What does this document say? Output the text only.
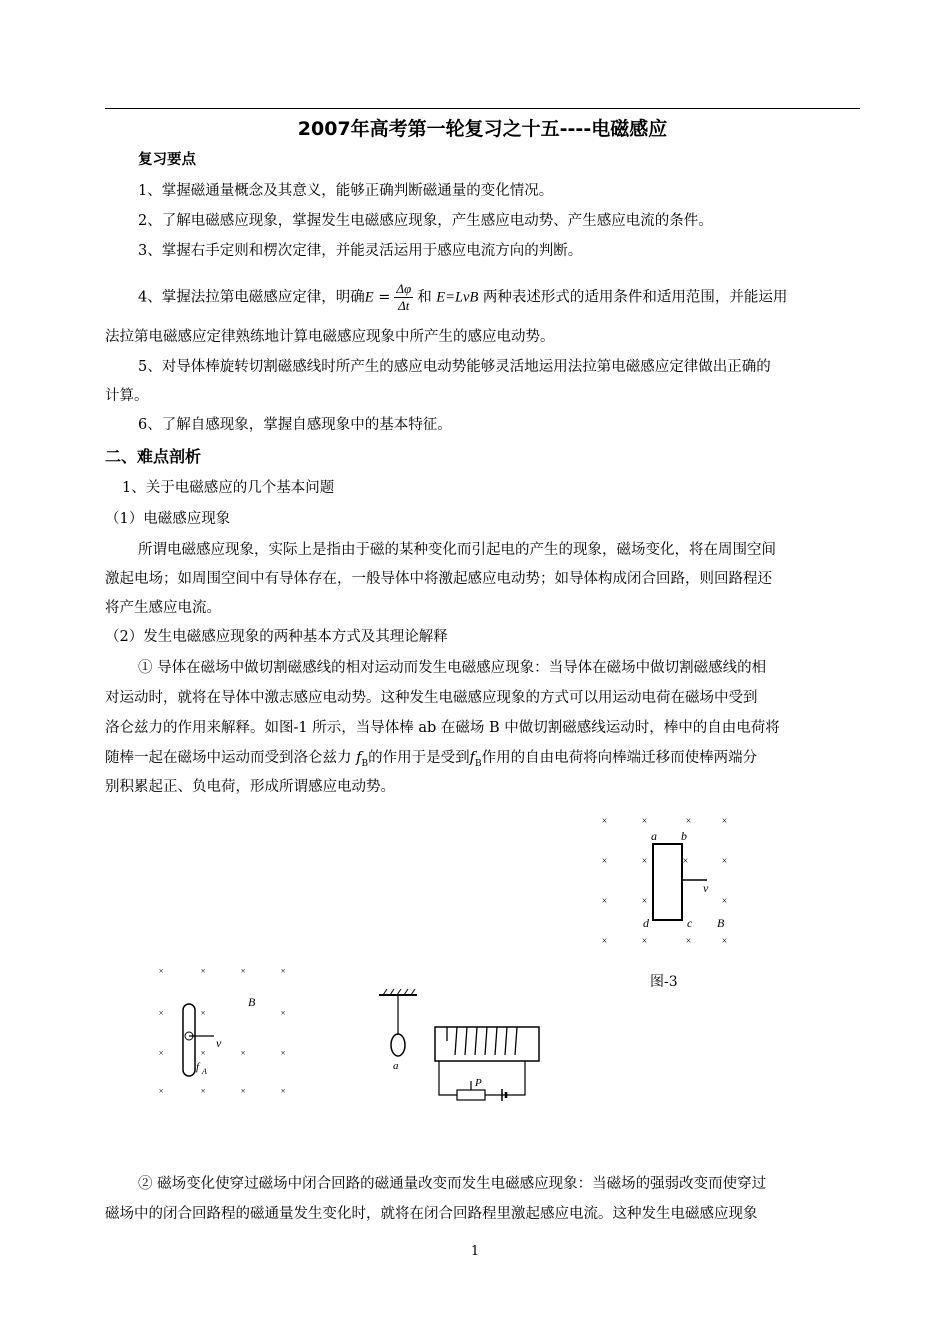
2007年高考第一轮复习之十五----电磁感应
复习要点
1、掌握磁通量概念及其意义，能够正确判断磁通量的变化情况。
2、了解电磁感应现象，掌握发生电磁感应现象，产生感应电动势、产生感应电流的条件。
3、掌握右手定则和楞次定律，并能灵活运用于感应电流方向的判断。
4、掌握法拉第电磁感应定律，明确$E = \frac{\Delta\varphi}{\Delta t}$ 和 E=LvB 两种表述形式的适用条件和适用范围，并能运用
法拉第电磁感应定律熟练地计算电磁感应现象中所产生的感应电动势。
5、对导体棒旋转切割磁感线时所产生的感应电动势能够灵活地运用法拉第电磁感应定律做出正确的
计算。
6、了解自感现象，掌握自感现象中的基本特征。
二、难点剖析
1、关于电磁感应的几个基本问题
（1）电磁感应现象
所谓电磁感应现象，实际上是指由于磁的某种变化而引起电的产生的现象，磁场变化，将在周围空间
激起电场；如周围空间中有导体存在，一般导体中将激起感应电动势；如导体构成闭合回路，则回路程还
将产生感应电流。
（2）发生电磁感应现象的两种基本方式及其理论解释
① 导体在磁场中做切割磁感线的相对运动而发生电磁感应现象：当导体在磁场中做切割磁感线的相
对运动时，就将在导体中激志感应电动势。这种发生电磁感应现象的方式可以用运动电荷在磁场中受到
洛仑兹力的作用来解释。如图-1 所示，当导体棒 ab 在磁场 B 中做切割磁感线运动时，棒中的自由电荷将
随棒一起在磁场中运动而受到洛仑兹力 $f_B$的作用于是受到$f_B$作用的自由电荷将向棒端迁移而使棒两端分
别积累起正、负电荷，形成所谓感应电动势。
×	×	×	×
×	×	×	×
×	×	×
×	×	×	×
a b
d	c
v
B
图-3
×	×	×	×
×	×	×
×	×	×	×
×	×	×	×
B
v
f A	a
P
② 磁场变化使穿过磁场中闭合回路的磁通量改变而发生电磁感应现象：当磁场的强弱改变而使穿过
磁场中的闭合回路程的磁通量发生变化时，就将在闭合回路程里激起感应电流。这种发生电磁感应现象
1
